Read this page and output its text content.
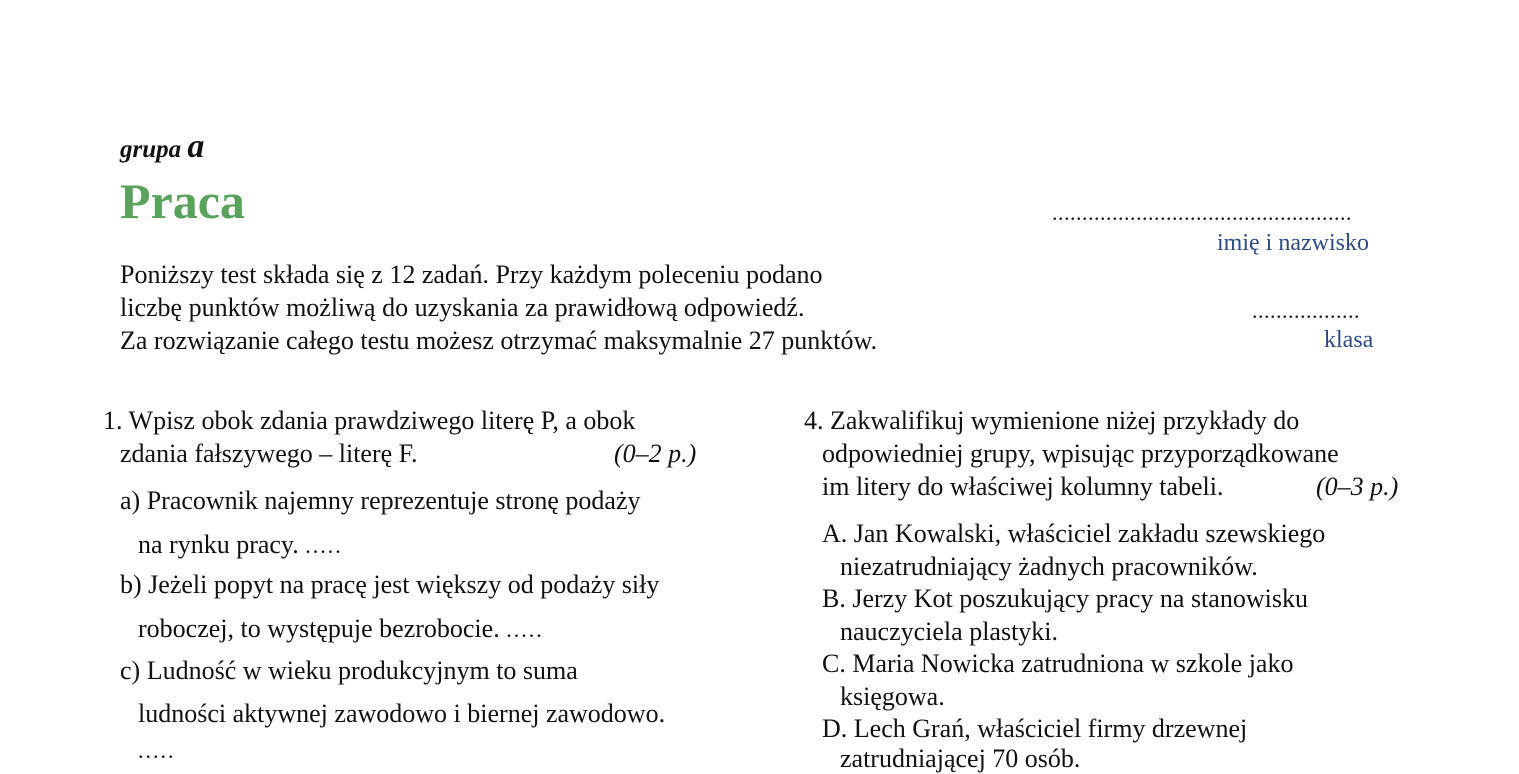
grupa a
Praca	..................................................
imię i nazwisko
..................
klasa
Poniższy test składa się z 12 zadań. Przy każdym poleceniu podano
liczbę punktów możliwą do uzyskania za prawidłową odpowiedź.
Za rozwiązanie całego testu możesz otrzymać maksymalnie 27 punktów.
1. Wpisz obok zdania prawdziwego literę P, a obok
zdania fałszywego – literę F.	(0–2 p.)
a) Pracownik najemny reprezentuje stronę podaży
na rynku pracy. .....
b) Jeżeli popyt na pracę jest większy od podaży siły
roboczej, to występuje bezrobocie. .....
c) Ludność w wieku produkcyjnym to suma
ludności aktywnej zawodowo i biernej zawodowo.
.....
4. Zakwalifikuj wymienione niżej przykłady do
odpowiedniej grupy, wpisując przyporządkowane
im litery do właściwej kolumny tabeli.	(0–3 p.)
A. Jan Kowalski, właściciel zakładu szewskiego
niezatrudniający żadnych pracowników.
B. Jerzy Kot poszukujący pracy na stanowisku
nauczyciela plastyki.
C. Maria Nowicka zatrudniona w szkole jako
księgowa.
D. Lech Grań, właściciel firmy drzewnej
zatrudniającej 70 osób.
